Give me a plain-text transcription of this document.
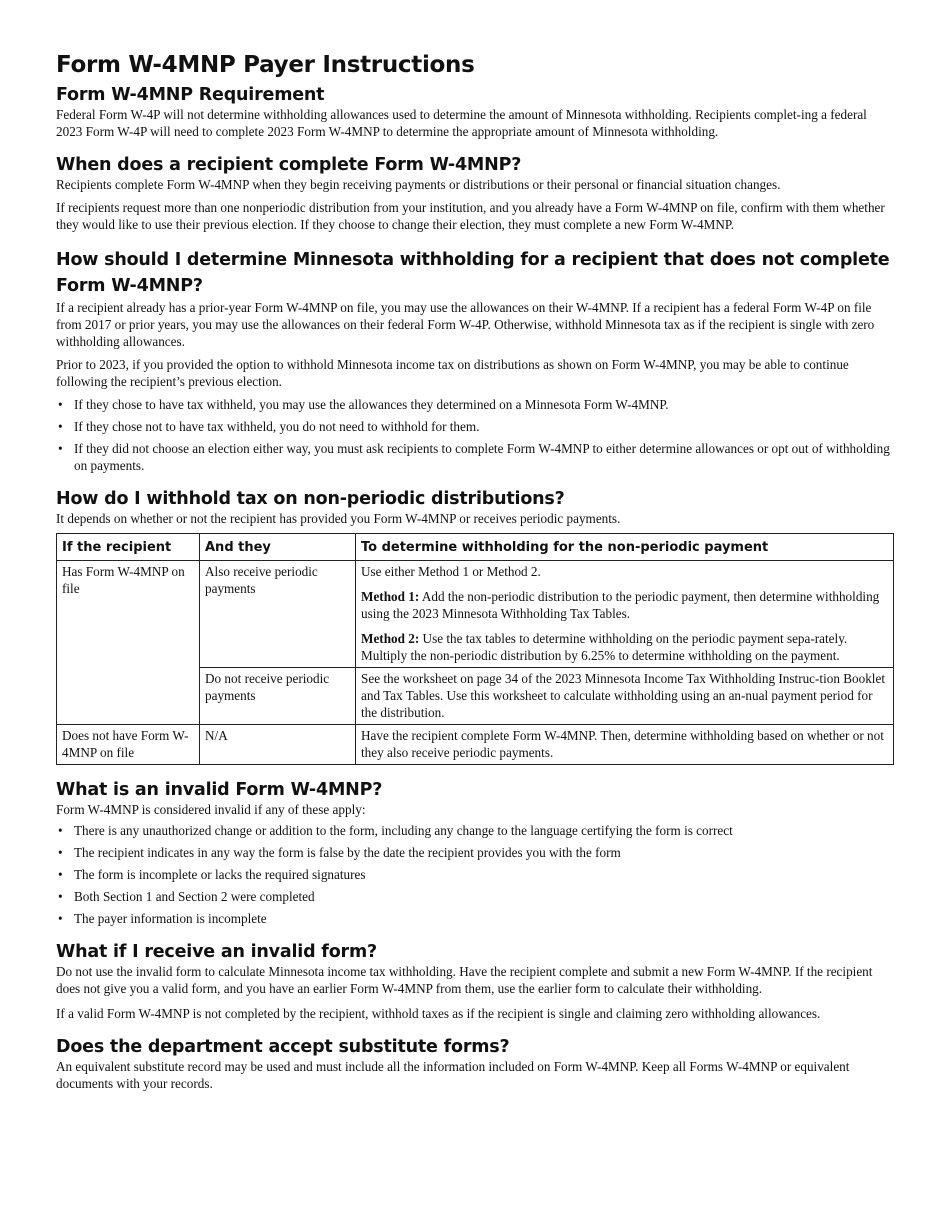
Form W-4MNP Payer Instructions
Form W-4MNP Requirement

Federal Form W-4P will not determine withholding allowances used to determine the amount of Minnesota withholding. Recipients complet-ing a federal 2023 Form W-4P will need to complete 2023 Form W-4MNP to determine the appropriate amount of Minnesota withholding.

When does a recipient complete Form W-4MNP?

Recipients complete Form W-4MNP when they begin receiving payments or distributions or their personal or financial situation changes.

If recipients request more than one nonperiodic distribution from your institution, and you already have a Form W-4MNP on file, confirm with them whether they would like to use their previous election. If they choose to change their election, they must complete a new Form W-4MNP.

How should I determine Minnesota withholding for a recipient that does not complete Form W-4MNP?

If a recipient already has a prior-year Form W-4MNP on file, you may use the allowances on their W-4MNP. If a recipient has a federal Form W-4P on file from 2017 or prior years, you may use the allowances on their federal Form W-4P. Otherwise, withhold Minnesota tax as if the recipient is single with zero withholding allowances.

Prior to 2023, if you provided the option to withhold Minnesota income tax on distributions as shown on Form W-4MNP, you may be able to continue following the recipient’s previous election.

• If they chose to have tax withheld, you may use the allowances they determined on a Minnesota Form W-4MNP.
• If they chose not to have tax withheld, you do not need to withhold for them.
• If they did not choose an election either way, you must ask recipients to complete Form W-4MNP to either determine allowances or opt out of withholding on payments.
How do I withhold tax on non-periodic distributions?

It depends on whether or not the recipient has provided you Form W-4MNP or receives periodic payments.

If the recipient	And they	To determine withholding for the non-periodic payment
Has Form W-4MNP on file	Also receive periodic payments	Use either Method 1 or Method 2.

Method 1: Add the non-periodic distribution to the periodic payment, then determine withholding using the 2023 Minnesota Withholding Tax Tables.

Method 2: Use the tax tables to determine withholding on the periodic payment sepa-rately. Multiply the non-periodic distribution by 6.25% to determine withholding on the payment.

	Do not receive periodic payments	See the worksheet on page 34 of the 2023 Minnesota Income Tax Withholding Instruc-tion Booklet and Tax Tables. Use this worksheet to calculate withholding using an an-nual payment period for the distribution.
Does not have Form W-4MNP on file	N/A	Have the recipient complete Form W-4MNP. Then, determine withholding based on whether or not they also receive periodic payments.
What is an invalid Form W-4MNP?

Form W-4MNP is considered invalid if any of these apply:

• There is any unauthorized change or addition to the form, including any change to the language certifying the form is correct
• The recipient indicates in any way the form is false by the date the recipient provides you with the form
• The form is incomplete or lacks the required signatures
• Both Section 1 and Section 2 were completed
• The payer information is incomplete
What if I receive an invalid form?

Do not use the invalid form to calculate Minnesota income tax withholding. Have the recipient complete and submit a new Form W-4MNP. If the recipient does not give you a valid form, and you have an earlier Form W-4MNP from them, use the earlier form to calculate their withholding.

If a valid Form W-4MNP is not completed by the recipient, withhold taxes as if the recipient is single and claiming zero withholding allowances.

Does the department accept substitute forms?

An equivalent substitute record may be used and must include all the information included on Form W-4MNP. Keep all Forms W-4MNP or equivalent documents with your records.
